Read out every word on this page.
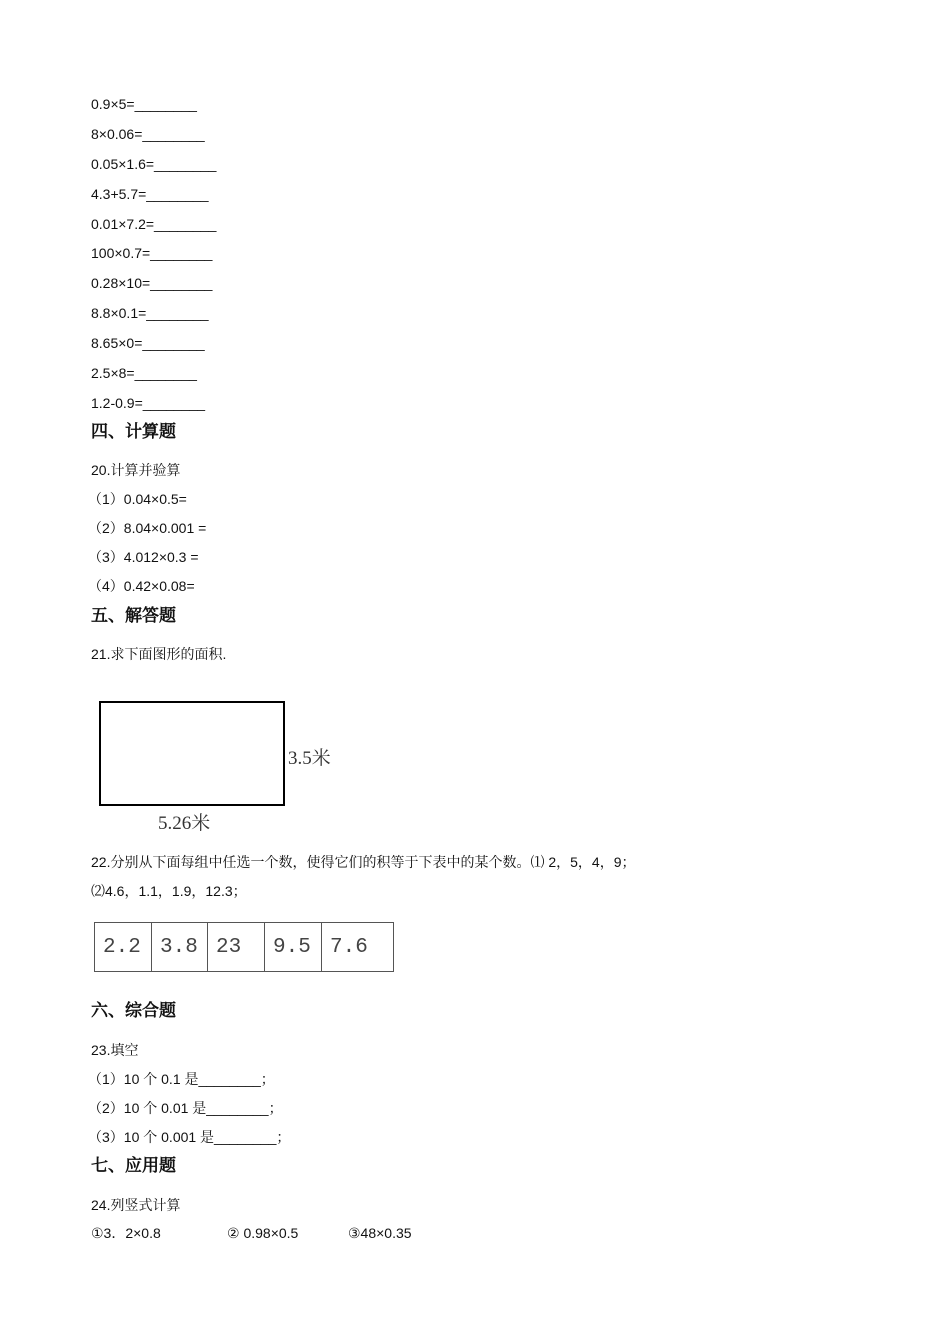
0.9×5=________
8×0.06=________
0.05×1.6=________
4.3+5.7=________
0.01×7.2=________
100×0.7=________
0.28×10=________
8.8×0.1=________
8.65×0=________
2.5×8=________
1.2-0.9=________
四、计算题
20.计算并验算
（1）0.04×0.5=
（2）8.04×0.001 =
（3）4.012×0.3 =
（4）0.42×0.08=
五、解答题
21.求下面图形的面积.
3.5米
5.26米
22.分别从下面每组中任选一个数，使得它们的积等于下表中的某个数。⑴ 2，5，4，9；
⑵4.6，1.1，1.9，12.3；
2.2	3.8	23	9.5	7.6
六、综合题
23.填空
（1）10 个 0.1 是________；
（2）10 个 0.01 是________；
（3）10 个 0.001 是________；
七、应用题
24.列竖式计算
①3．2×0.8	② 0.98×0.5	③48×0.35
